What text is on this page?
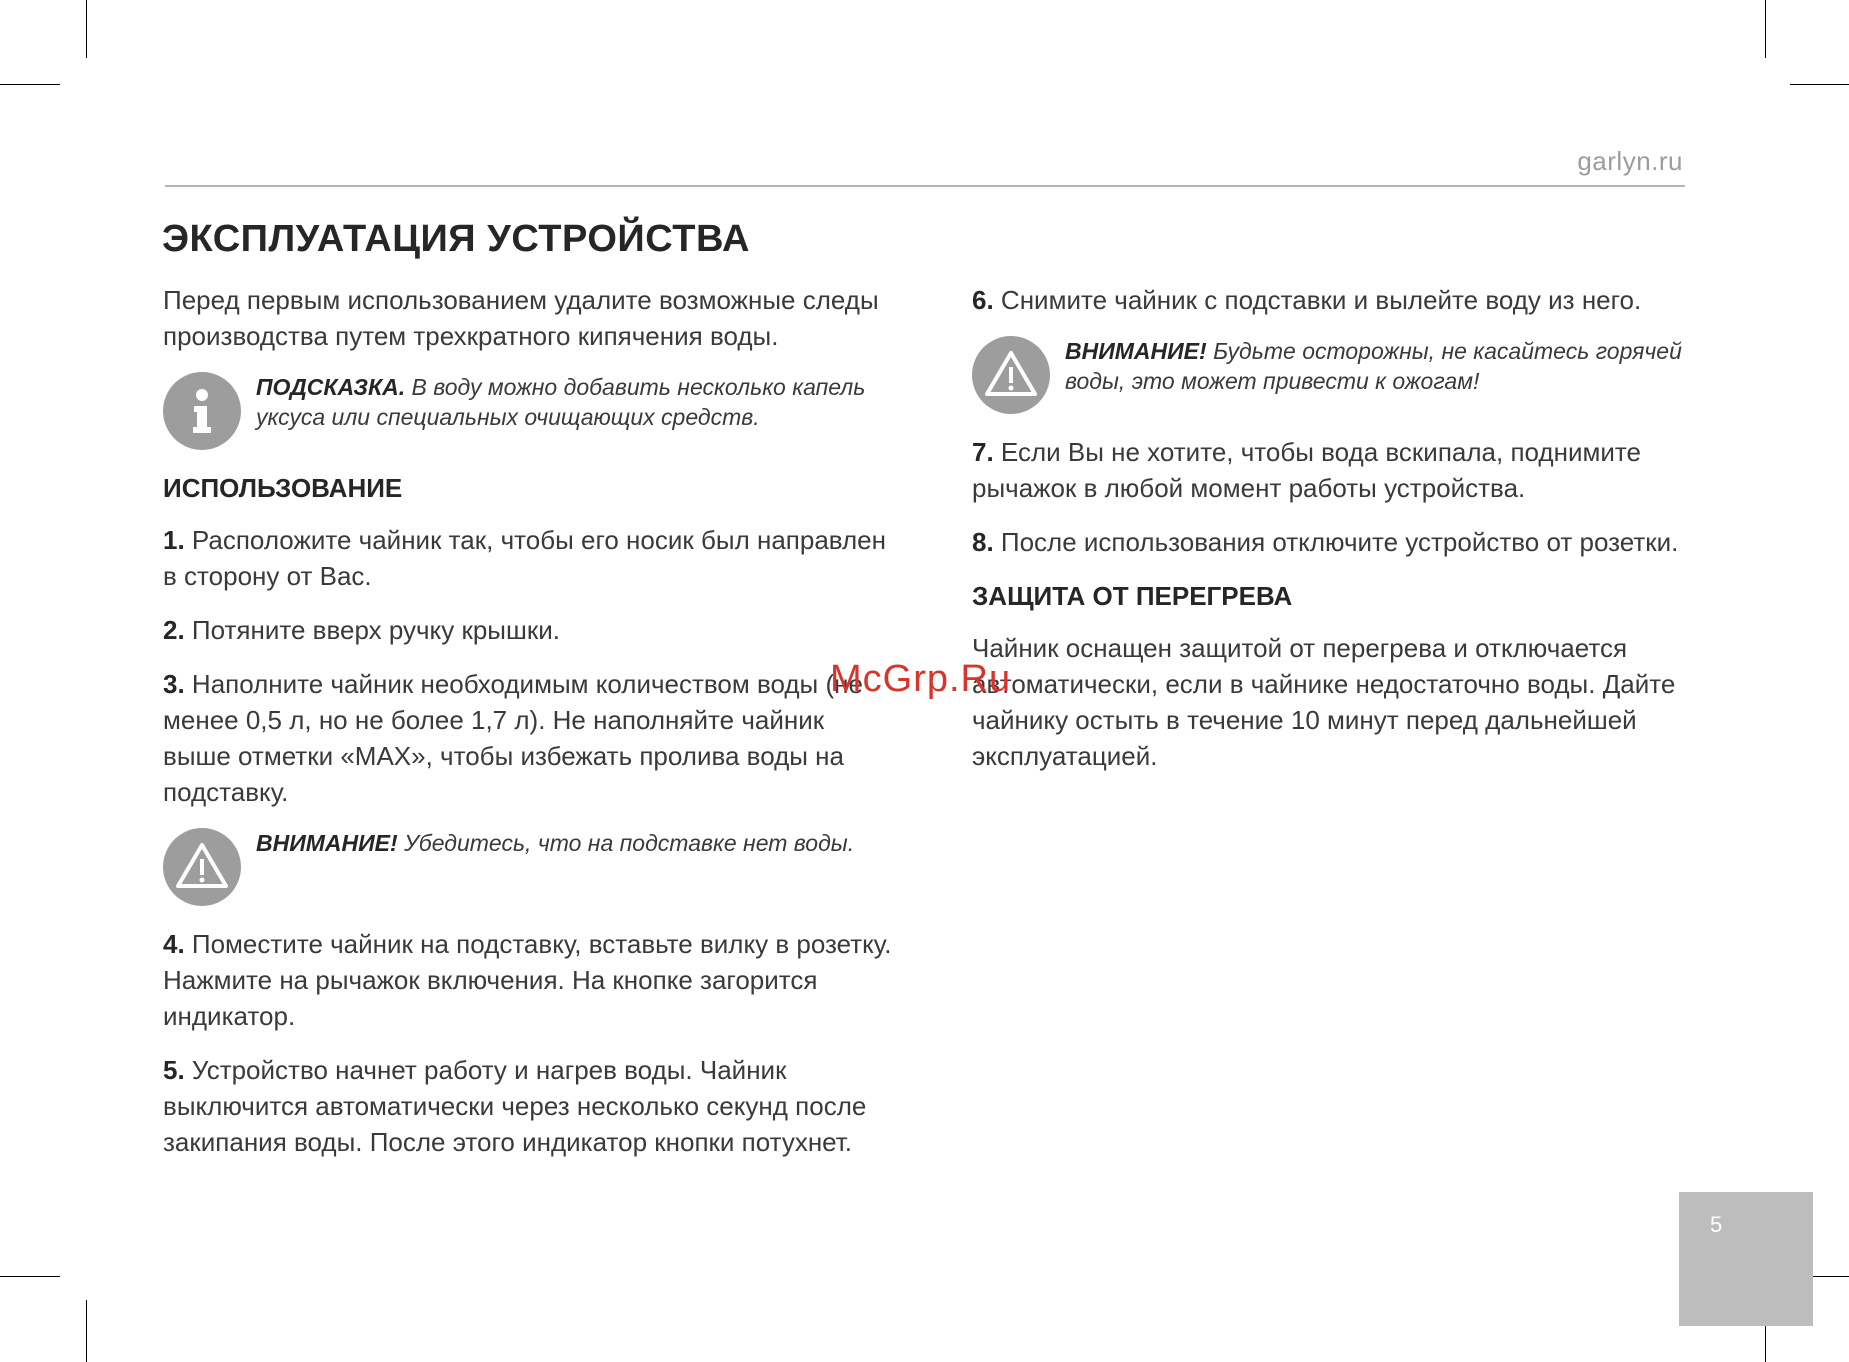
garlyn.ru
ЭКСПЛУАТАЦИЯ УСТРОЙСТВА

Перед первым использованием удалите возможные следы производства путем трехкратного кипячения воды.

ПОДСКАЗКА. В воду можно добавить несколько капель уксуса или специальных очищающих средств.
ИСПОЛЬЗОВАНИЕ

1. Расположите чайник так, чтобы его носик был направлен в сторону от Вас.

2. Потяните вверх ручку крышки.

3. Наполните чайник необходимым количеством воды (не менее 0,5 л, но не более 1,7 л). Не наполняйте чайник выше отметки «MAX», чтобы избежать пролива воды на подставку.

ВНИМАНИЕ! Убедитесь, что на подставке нет воды.

4. Поместите чайник на подставку, вставьте вилку в розетку. Нажмите на рычажок включения. На кнопке загорится индикатор.

5. Устройство начнет работу и нагрев воды. Чайник выключится автоматически через несколько секунд после закипания воды. После этого индикатор кнопки потухнет.

6. Снимите чайник с подставки и вылейте воду из него.

ВНИМАНИЕ! Будьте осторожны, не касайтесь горячей воды, это может привести к ожогам!

7. Если Вы не хотите, чтобы вода вскипала, поднимите рычажок в любой момент работы устройства.

8. После использования отключите устройство от розетки.

ЗАЩИТА ОТ ПЕРЕГРЕВА

Чайник оснащен защитой от перегрева и отключается автоматически, если в чайнике недостаточно воды. Дайте чайнику остыть в течение 10 минут перед дальнейшей эксплуатацией.

McGrp.Ru
5
